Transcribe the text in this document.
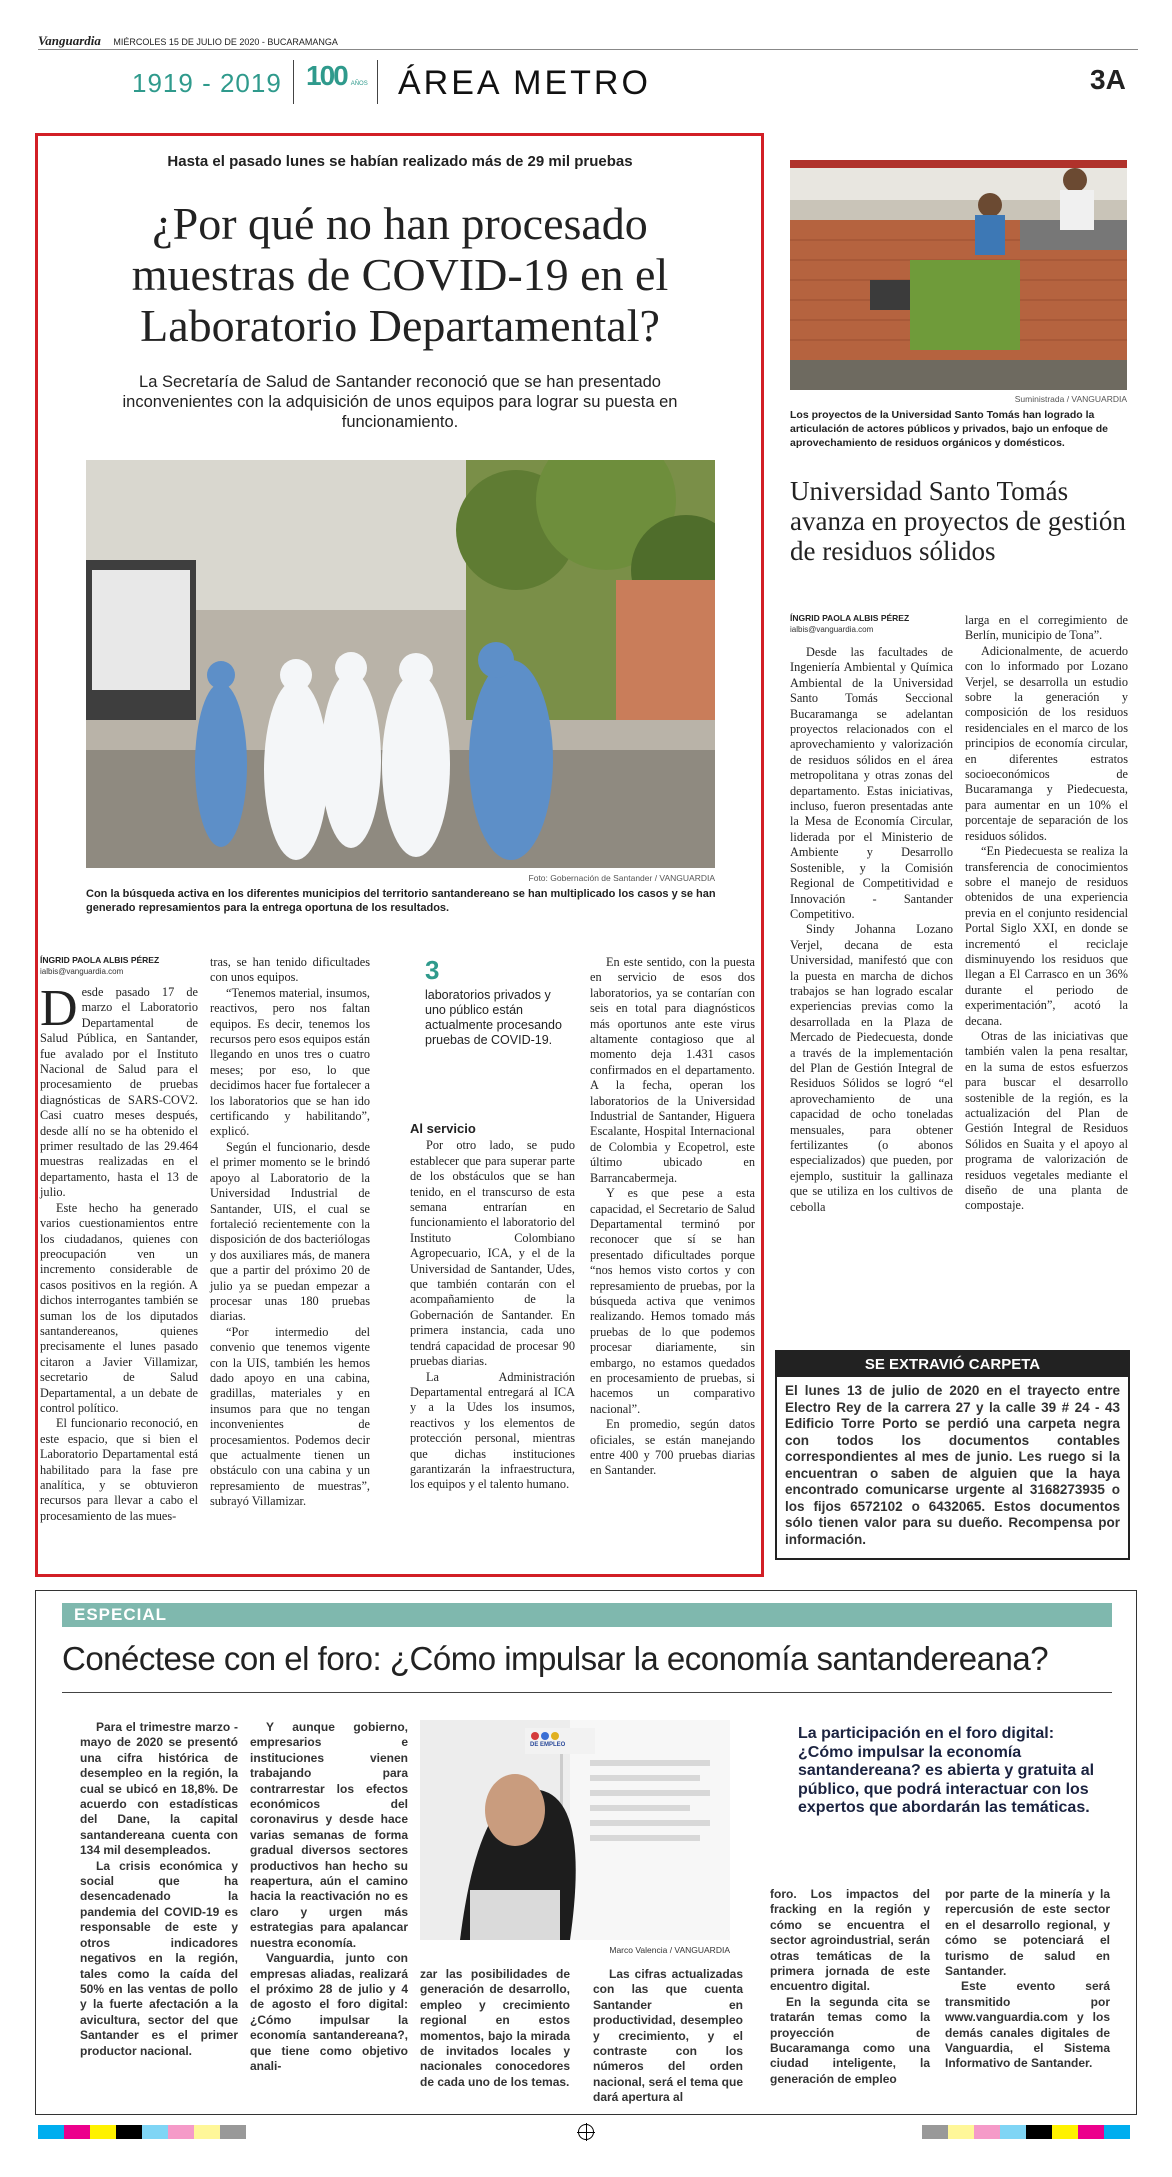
Vanguardia MIÉRCOLES 15 DE JULIO DE 2020 - BUCARAMANGA
1919 - 2019 100 AÑOS ÁREA METRO	3A
Hasta el pasado lunes se habían realizado más de 29 mil pruebas
¿Por qué no han procesado muestras de COVID-19 en el Laboratorio Departamental?
La Secretaría de Salud de Santander reconoció que se han presentado inconvenientes con la adquisición de unos equipos para lograr su puesta en funcionamiento.
Foto: Gobernación de Santander / VANGUARDIA
Con la búsqueda activa en los diferentes municipios del territorio santandereano se han multiplicado los casos y se han generado represamientos para la entrega oportuna de los resultados.
ÍNGRID PAOLA ALBIS PÉREZ
ialbis@vanguardia.com
D esde pasado 17 de marzo el Laboratorio Departamental de Salud Pública, en Santander, fue avalado por el Instituto Nacional de Salud para el procesamiento de pruebas diagnósticas de SARS-COV2. Casi cuatro meses después, desde allí no se ha obtenido el primer resultado de las 29.464 muestras realizadas en el departamento, hasta el 13 de julio.

Este hecho ha generado varios cuestionamientos entre los ciudadanos, quienes con preocupación ven un incremento considerable de casos positivos en la región. A dichos interrogantes también se suman los de los diputados santandereanos, quienes precisamente el lunes pasado citaron a Javier Villamizar, secretario de Salud Departamental, a un debate de control político.

El funcionario reconoció, en este espacio, que si bien el Laboratorio Departamental está habilitado para la fase pre analítica, y se obtuvieron recursos para llevar a cabo el procesamiento de las mues-

tras, se han tenido dificultades con unos equipos.

“Tenemos material, insumos, reactivos, pero nos faltan equipos. Es decir, tenemos los recursos pero esos equipos están llegando en unos tres o cuatro meses; por eso, lo que decidimos hacer fue fortalecer a los laboratorios que se han ido certificando y habilitando”, explicó.

Según el funcionario, desde el primer momento se le brindó apoyo al Laboratorio de la Universidad Industrial de Santander, UIS, el cual se fortaleció recientemente con la disposición de dos bacteriólogas y dos auxiliares más, de manera que a partir del próximo 20 de julio ya se puedan empezar a procesar unas 180 pruebas diarias.

“Por intermedio del convenio que tenemos vigente con la UIS, también les hemos dado apoyo en una cabina, gradillas, materiales y en insumos para que no tengan inconvenientes de procesamientos. Podemos decir que actualmente tienen un obstáculo con una cabina y un represamiento de muestras”, subrayó Villamizar.

3
laboratorios privados y uno público están actualmente procesando pruebas de COVID-19.
Al servicio

Por otro lado, se pudo establecer que para superar parte de los obstáculos que se han tenido, en el transcurso de esta semana entrarían en funcionamiento el laboratorio del Instituto Colombiano Agropecuario, ICA, y el de la Universidad de Santander, Udes, que también contarán con el acompañamiento de la Gobernación de Santander. En primera instancia, cada uno tendrá capacidad de procesar 90 pruebas diarias.

La Administración Departamental entregará al ICA y a la Udes los insumos, reactivos y los elementos de protección personal, mientras que dichas instituciones garantizarán la infraestructura, los equipos y el talento humano.

En este sentido, con la puesta en servicio de esos dos laboratorios, ya se contarían con seis en total para diagnósticos más oportunos ante este virus altamente contagioso que al momento deja 1.431 casos confirmados en el departamento. A la fecha, operan los laboratorios de la Universidad Industrial de Santander, Higuera Escalante, Hospital Internacional de Colombia y Ecopetrol, este último ubicado en Barrancabermeja.

Y es que pese a esta capacidad, el Secretario de Salud Departamental terminó por reconocer que sí se han presentado dificultades porque “nos hemos visto cortos y con represamiento de pruebas, por la búsqueda activa que venimos realizando. Hemos tomado más pruebas de lo que podemos procesar diariamente, sin embargo, no estamos quedados en procesamiento de pruebas, si hacemos un comparativo nacional”.

En promedio, según datos oficiales, se están manejando entre 400 y 700 pruebas diarias en Santander.

Suministrada / VANGUARDIA
Los proyectos de la Universidad Santo Tomás han logrado la articulación de actores públicos y privados, bajo un enfoque de aprovechamiento de residuos orgánicos y domésticos.
Universidad Santo Tomás avanza en proyectos de gestión de residuos sólidos
ÍNGRID PAOLA ALBIS PÉREZ
ialbis@vanguardia.com

Desde las facultades de Ingeniería Ambiental y Química Ambiental de la Universidad Santo Tomás Seccional Bucaramanga se adelantan proyectos relacionados con el aprovechamiento y valorización de residuos sólidos en el área metropolitana y otras zonas del departamento. Estas iniciativas, incluso, fueron presentadas ante la Mesa de Economía Circular, liderada por el Ministerio de Ambiente y Desarrollo Sostenible, y la Comisión Regional de Competitividad e Innovación - Santander Competitivo.

Sindy Johanna Lozano Verjel, decana de esta Universidad, manifestó que con la puesta en marcha de dichos trabajos se han logrado escalar experiencias previas como la desarrollada en la Plaza de Mercado de Piedecuesta, donde a través de la implementación del Plan de Gestión Integral de Residuos Sólidos se logró “el aprovechamiento de una capacidad de ocho toneladas mensuales, para obtener fertilizantes (o abonos especializados) que pueden, por ejemplo, sustituir la gallinaza que se utiliza en los cultivos de cebolla

larga en el corregimiento de Berlín, municipio de Tona”.

Adicionalmente, de acuerdo con lo informado por Lozano Verjel, se desarrolla un estudio sobre la generación y composición de los residuos residenciales en el marco de los principios de economía circular, en diferentes estratos socioeconómicos de Bucaramanga y Piedecuesta, para aumentar en un 10% el porcentaje de separación de los residuos sólidos.

“En Piedecuesta se realiza la transferencia de conocimientos sobre el manejo de residuos obtenidos de una experiencia previa en el conjunto residencial Portal Siglo XXI, en donde se incrementó el reciclaje disminuyendo los residuos que llegan a El Carrasco en un 36% durante el periodo de experimentación”, acotó la decana.

Otras de las iniciativas que también valen la pena resaltar, en la suma de estos esfuerzos para buscar el desarrollo sostenible de la región, es la actualización del Plan de Gestión Integral de Residuos Sólidos en Suaita y el apoyo al programa de valorización de residuos vegetales mediante el diseño de una planta de compostaje.

SE EXTRAVIÓ CARPETA
El lunes 13 de julio de 2020 en el trayecto entre Electro Rey de la carrera 27 y la calle 39 # 24 - 43 Edificio Torre Porto se perdió una carpeta negra con todos los documentos contables correspondientes al mes de junio. Les ruego si la encuentran o saben de alguien que la haya encontrado comunicarse urgente al 3168273935 o los fijos 6572102 o 6432065. Estos documentos sólo tienen valor para su dueño. Recompensa por información.
ESPECIAL
Conéctese con el foro: ¿Cómo impulsar la economía santandereana?

Para el trimestre marzo - mayo de 2020 se presentó una cifra histórica de desempleo en la región, la cual se ubicó en 18,8%. De acuerdo con estadísticas del Dane, la capital santandereana cuenta con 134 mil desempleados.

La crisis económica y social que ha desencadenado la pandemia del COVID-19 es responsable de este y otros indicadores negativos en la región, tales como la caída del 50% en las ventas de pollo y la fuerte afectación a la avicultura, sector del que Santander es el primer productor nacional.

Y aunque gobierno, empresarios e instituciones vienen trabajando para contrarrestar los efectos económicos del coronavirus y desde hace varias semanas de forma gradual diversos sectores productivos han hecho su reapertura, aún el camino hacia la reactivación no es claro y urgen más estrategias para apalancar nuestra economía.

Vanguardia, junto con empresas aliadas, realizará el próximo 28 de julio y 4 de agosto el foro digital: ¿Cómo impulsar la economía santandereana?, que tiene como objetivo anali-

DE EMPLEO
Marco Valencia / VANGUARDIA

zar las posibilidades de generación de desarrollo, empleo y crecimiento regional en estos momentos, bajo la mirada de invitados locales y nacionales conocedores de cada uno de los temas.

Las cifras actualizadas con las que cuenta Santander en productividad, desempleo y crecimiento, y el contraste con los números del orden nacional, será el tema que dará apertura al

La participación en el foro digital: ¿Cómo impulsar la economía santandereana? es abierta y gratuita al público, que podrá interactuar con los expertos que abordarán las temáticas.

foro. Los impactos del fracking en la región y cómo se encuentra el sector agroindustrial, serán otras temáticas de la primera jornada de este encuentro digital.

En la segunda cita se tratarán temas como la proyección de Bucaramanga como una ciudad inteligente, la generación de empleo

por parte de la minería y la repercusión de este sector en el desarrollo regional, y cómo se potenciará el turismo de salud en Santander.

Este evento será transmitido por www.vanguardia.com y los demás canales digitales de Vanguardia, el Sistema Informativo de Santander.
